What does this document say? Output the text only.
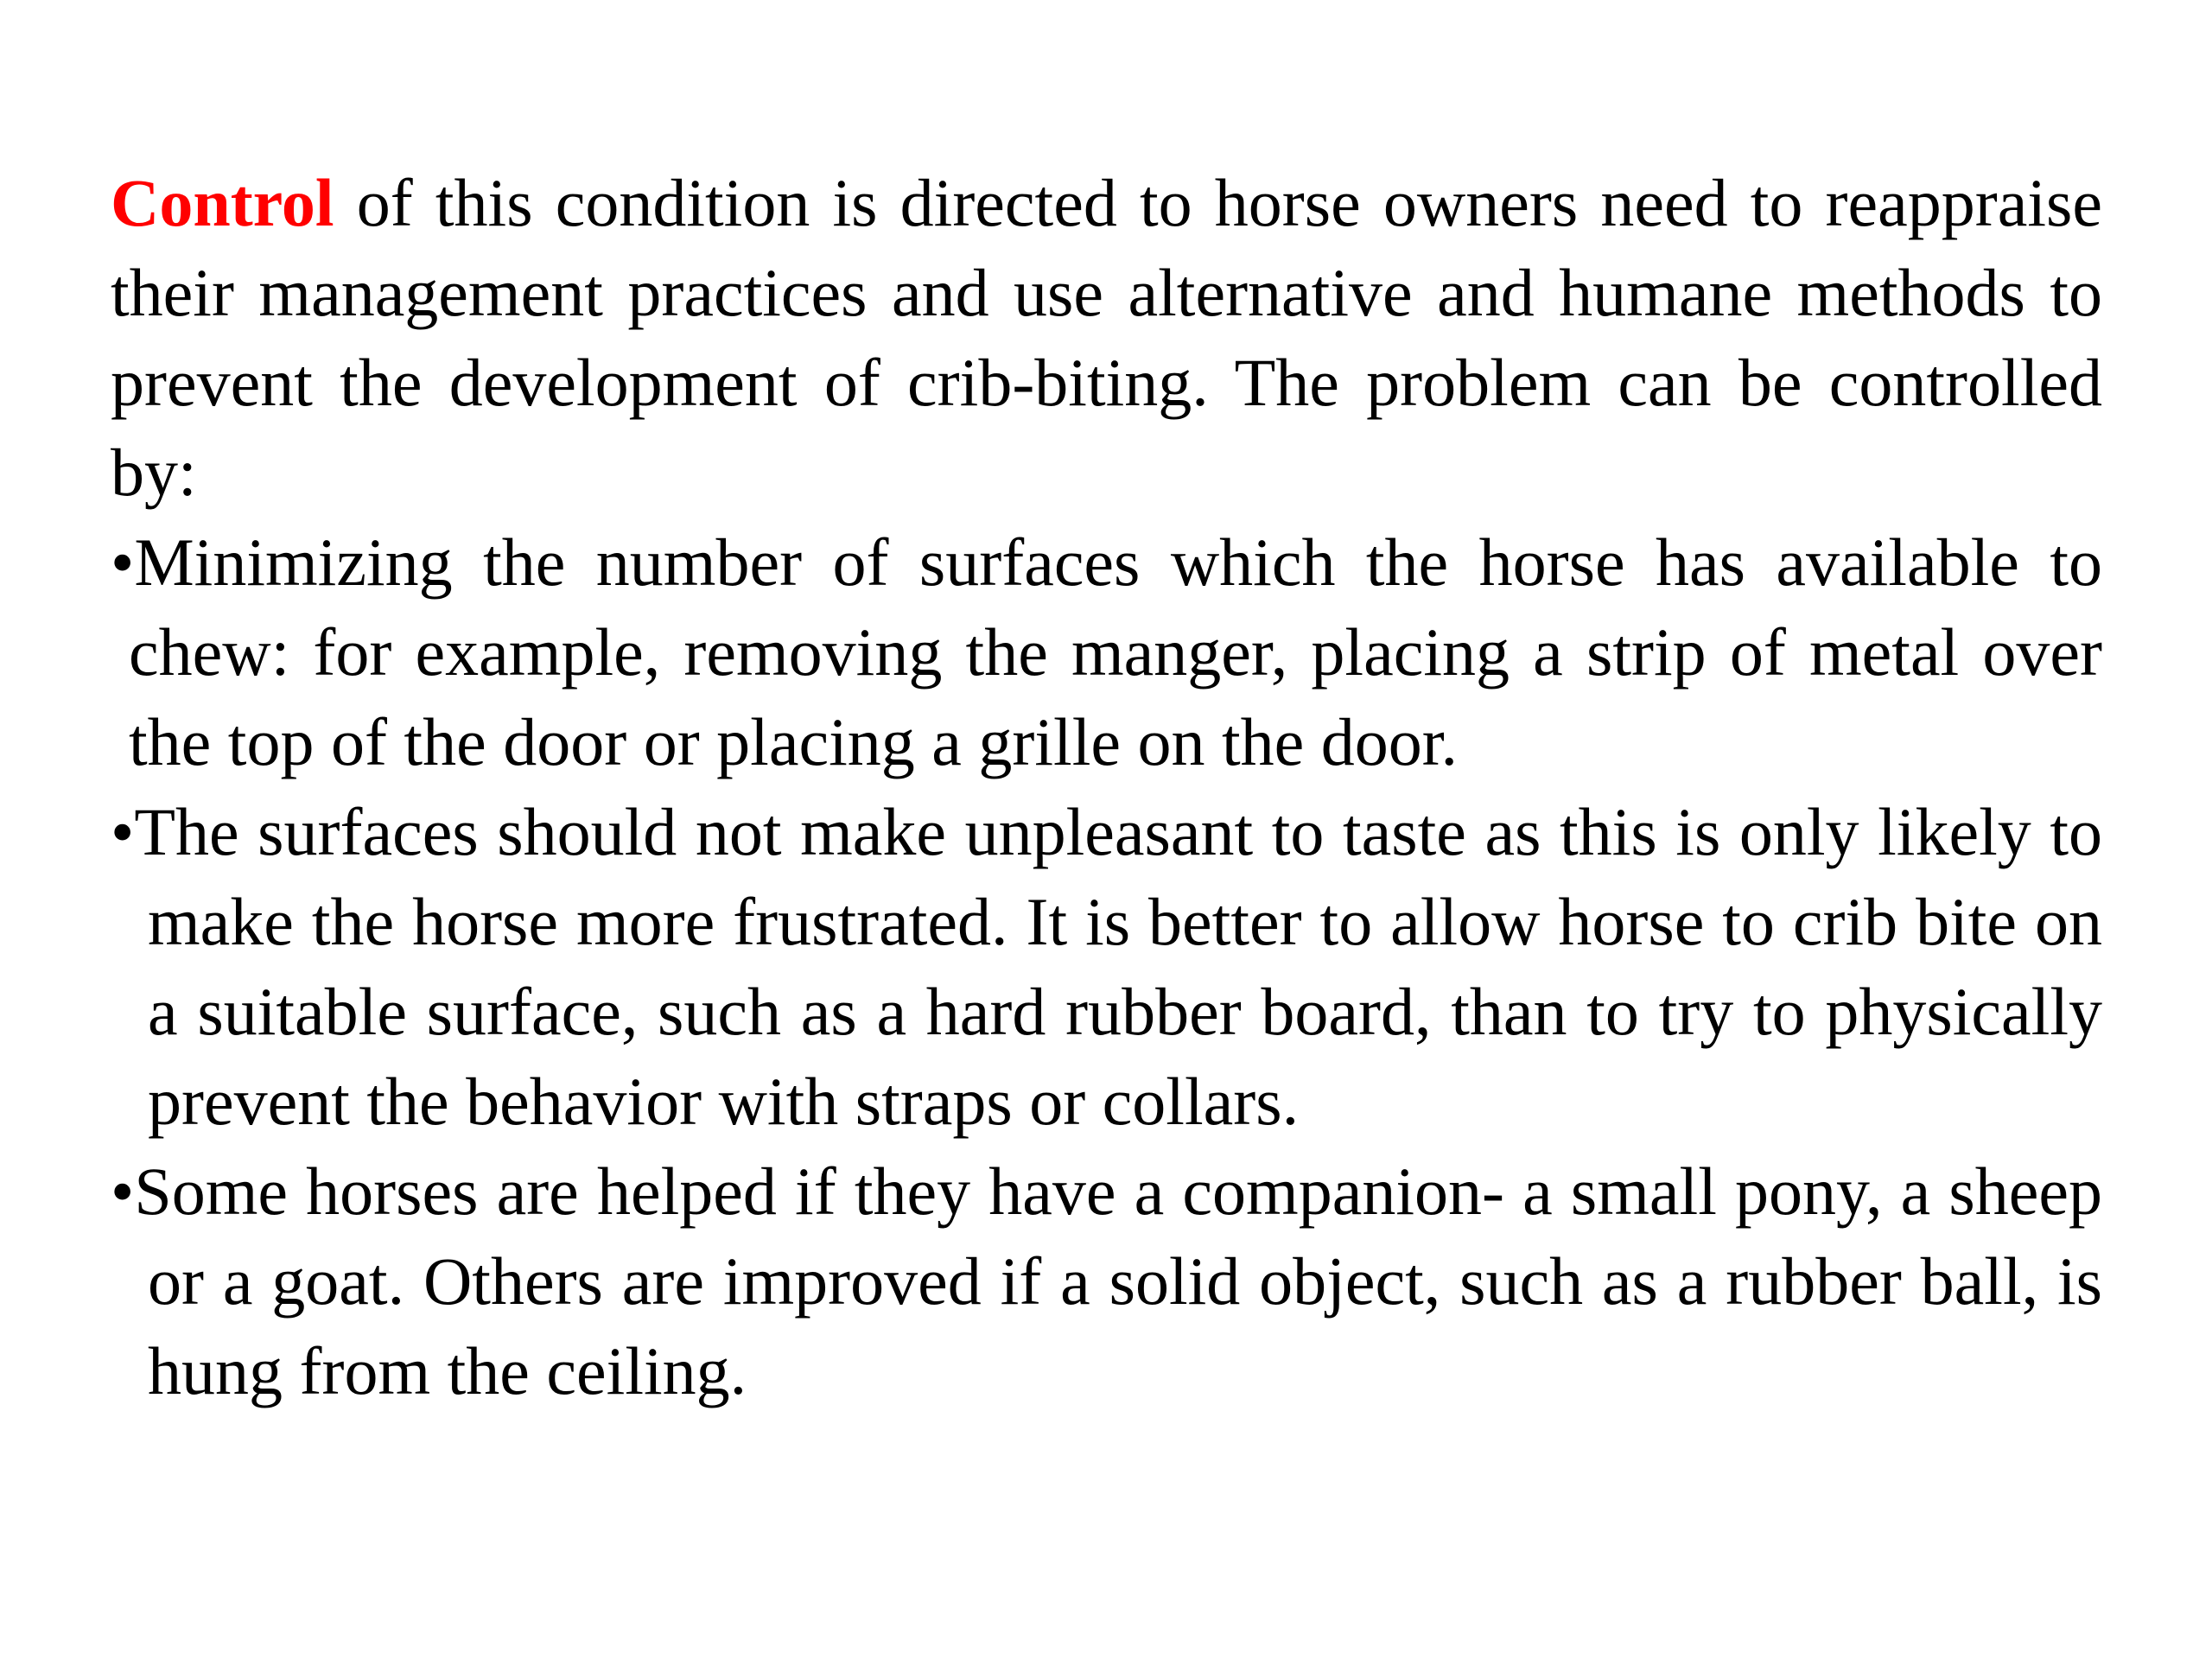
Control of this condition is directed to horse owners need to reappraise their management practices and use alternative and humane methods to prevent the development of crib-biting. The problem can be controlled by:

•Minimizing the number of surfaces which the horse has available to chew: for example, removing the manger, placing a strip of metal over the top of the door or placing a grille on the door.
•The surfaces should not make unpleasant to taste as this is only likely to make the horse more frustrated. It is better to allow horse to crib bite on a suitable surface, such as a hard rubber board, than to try to physically prevent the behavior with straps or collars.
•Some horses are helped if they have a companion- a small pony, a sheep or a goat. Others are improved if a solid object, such as a rubber ball, is hung from the ceiling.
